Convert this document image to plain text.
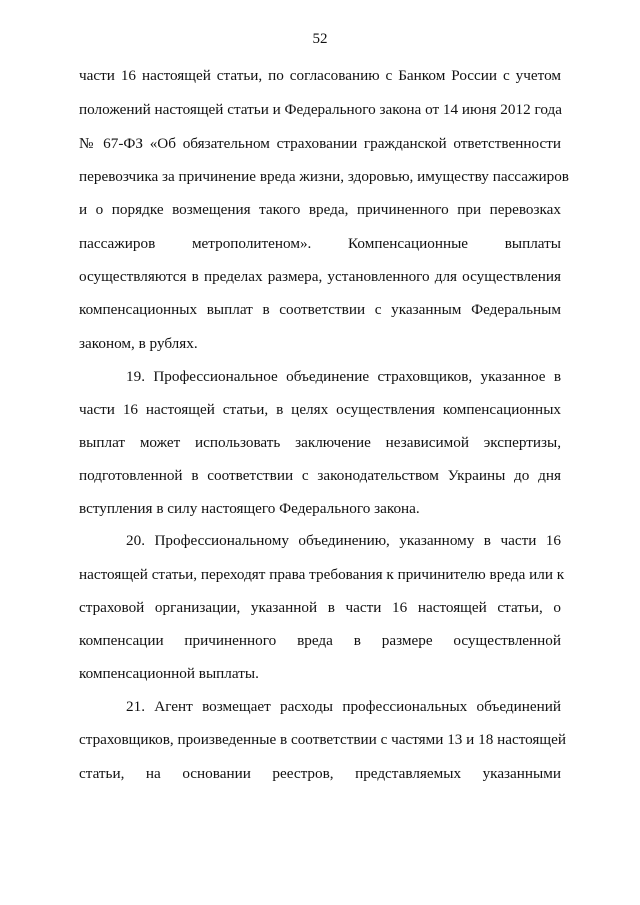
52
части 16 настоящей статьи, по согласованию с Банком России с учетом
положений настоящей статьи и Федерального закона от 14 июня 2012 года
№ 67-ФЗ «Об обязательном страховании гражданской ответственности
перевозчика за причинение вреда жизни, здоровью, имуществу пассажиров
и о порядке возмещения такого вреда, причиненного при перевозках
пассажиров метрополитеном». Компенсационные выплаты
осуществляются в пределах размера, установленного для осуществления
компенсационных выплат в соответствии с указанным Федеральным
законом, в рублях.
19. Профессиональное объединение страховщиков, указанное в
части 16 настоящей статьи, в целях осуществления компенсационных
выплат может использовать заключение независимой экспертизы,
подготовленной в соответствии с законодательством Украины до дня
вступления в силу настоящего Федерального закона.
20. Профессиональному объединению, указанному в части 16
настоящей статьи, переходят права требования к причинителю вреда или к
страховой организации, указанной в части 16 настоящей статьи, о
компенсации причиненного вреда в размере осуществленной
компенсационной выплаты.
21. Агент возмещает расходы профессиональных объединений
страховщиков, произведенные в соответствии с частями 13 и 18 настоящей
статьи, на основании реестров, представляемых указанными
